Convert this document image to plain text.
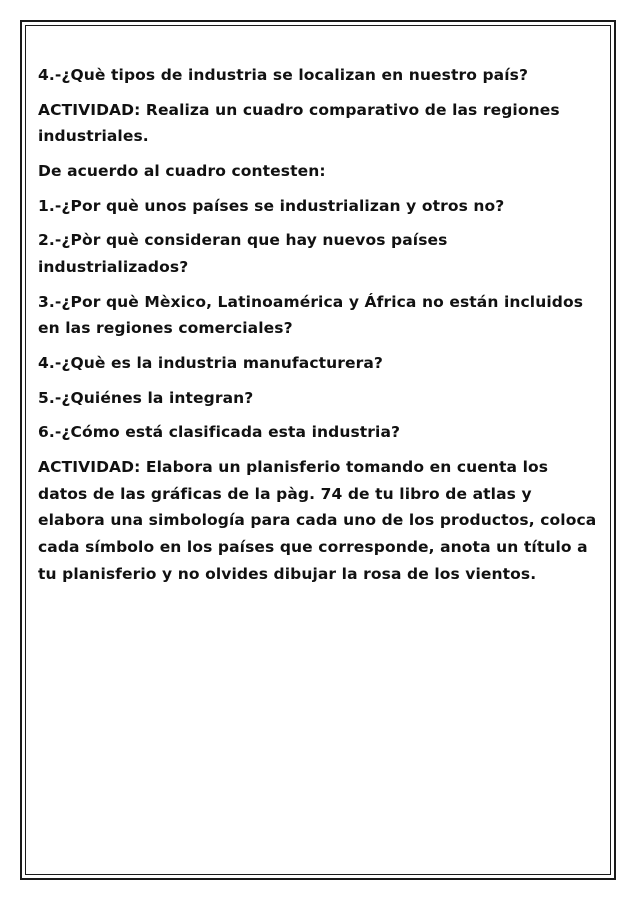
4.-¿Què tipos de industria se localizan en nuestro país?

ACTIVIDAD: Realiza un cuadro comparativo de las regiones industriales.

De acuerdo al cuadro contesten:

1.-¿Por què unos países se industrializan y otros no?

2.-¿Pòr què consideran que hay nuevos países industrializados?

3.-¿Por què Mèxico, Latinoamérica y África no están incluidos en las regiones comerciales?

4.-¿Què es la industria manufacturera?

5.-¿Quiénes la integran?

6.-¿Cómo está clasificada esta industria?

ACTIVIDAD: Elabora un planisferio tomando en cuenta los datos de las gráficas de la pàg. 74 de tu libro de atlas y elabora una simbología para cada uno de los productos, coloca cada símbolo en los países que corresponde, anota un título a tu planisferio y no olvides dibujar la rosa de los vientos.
